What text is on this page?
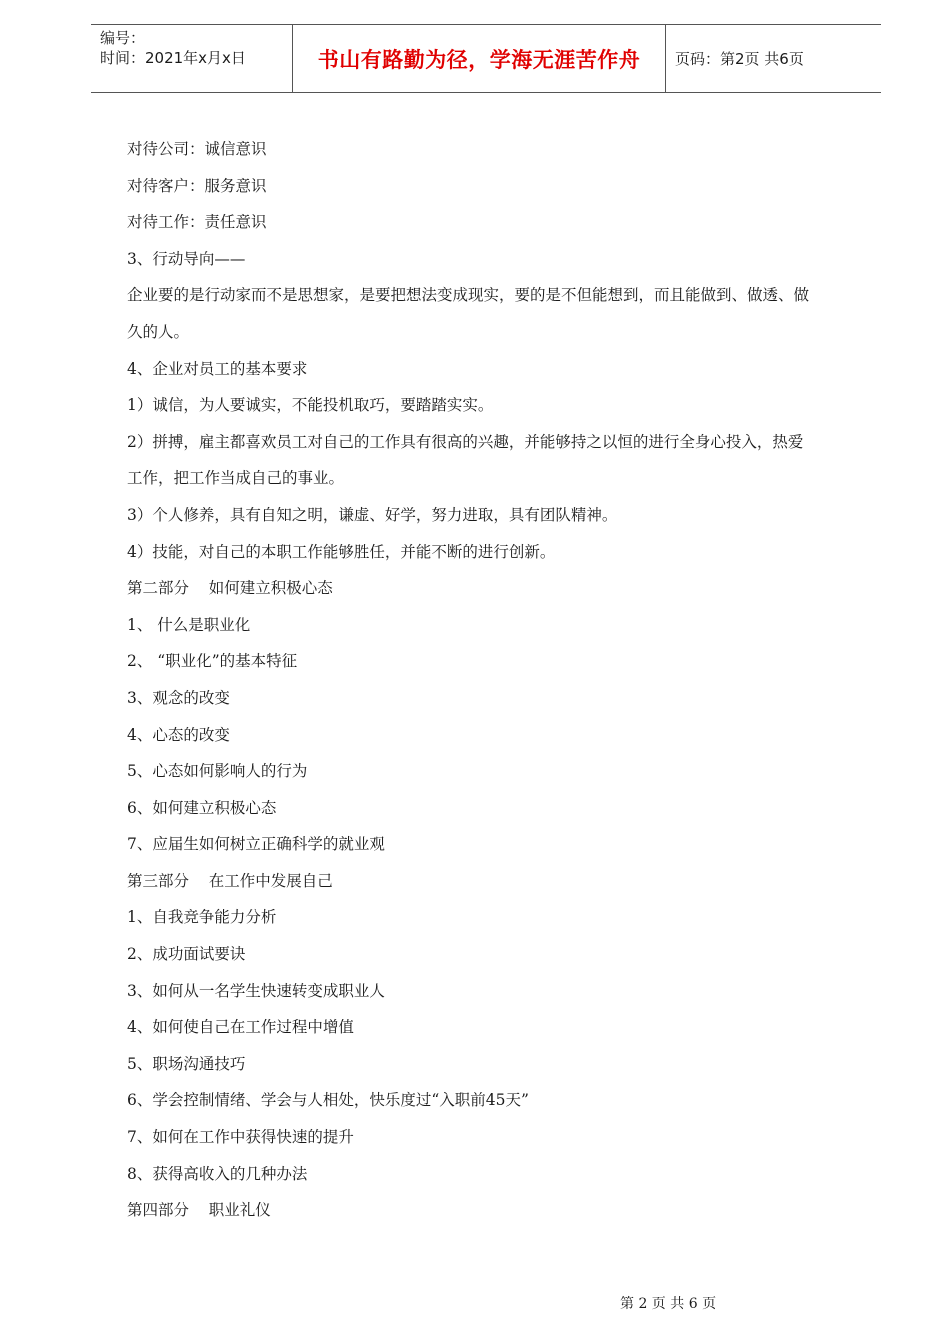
编号：
时间：2021年x月x日	书山有路勤为径，学海无涯苦作舟 页码：第2页 共6页

对待公司：诚信意识

对待客户：服务意识

对待工作：责任意识

3、行动导向——

企业要的是行动家而不是思想家，是要把想法变成现实，要的是不但能想到，而且能做到、做透、做

久的人。

4、企业对员工的基本要求

1）诚信，为人要诚实，不能投机取巧，要踏踏实实。

2）拼搏，雇主都喜欢员工对自己的工作具有很高的兴趣，并能够持之以恒的进行全身心投入，热爱

工作，把工作当成自己的事业。

3）个人修养，具有自知之明，谦虚、好学，努力进取，具有团队精神。

4）技能，对自己的本职工作能够胜任，并能不断的进行创新。

第二部分    如何建立积极心态

1、 什么是职业化

2、 “职业化”的基本特征

3、观念的改变

4、心态的改变

5、心态如何影响人的行为

6、如何建立积极心态

7、应届生如何树立正确科学的就业观

第三部分    在工作中发展自己

1、自我竞争能力分析

2、成功面试要诀

3、如何从一名学生快速转变成职业人

4、如何使自己在工作过程中增值

5、职场沟通技巧

6、学会控制情绪、学会与人相处，快乐度过“入职前45天”

7、如何在工作中获得快速的提升

8、获得高收入的几种办法

第四部分    职业礼仪

第 2 页 共 6 页
